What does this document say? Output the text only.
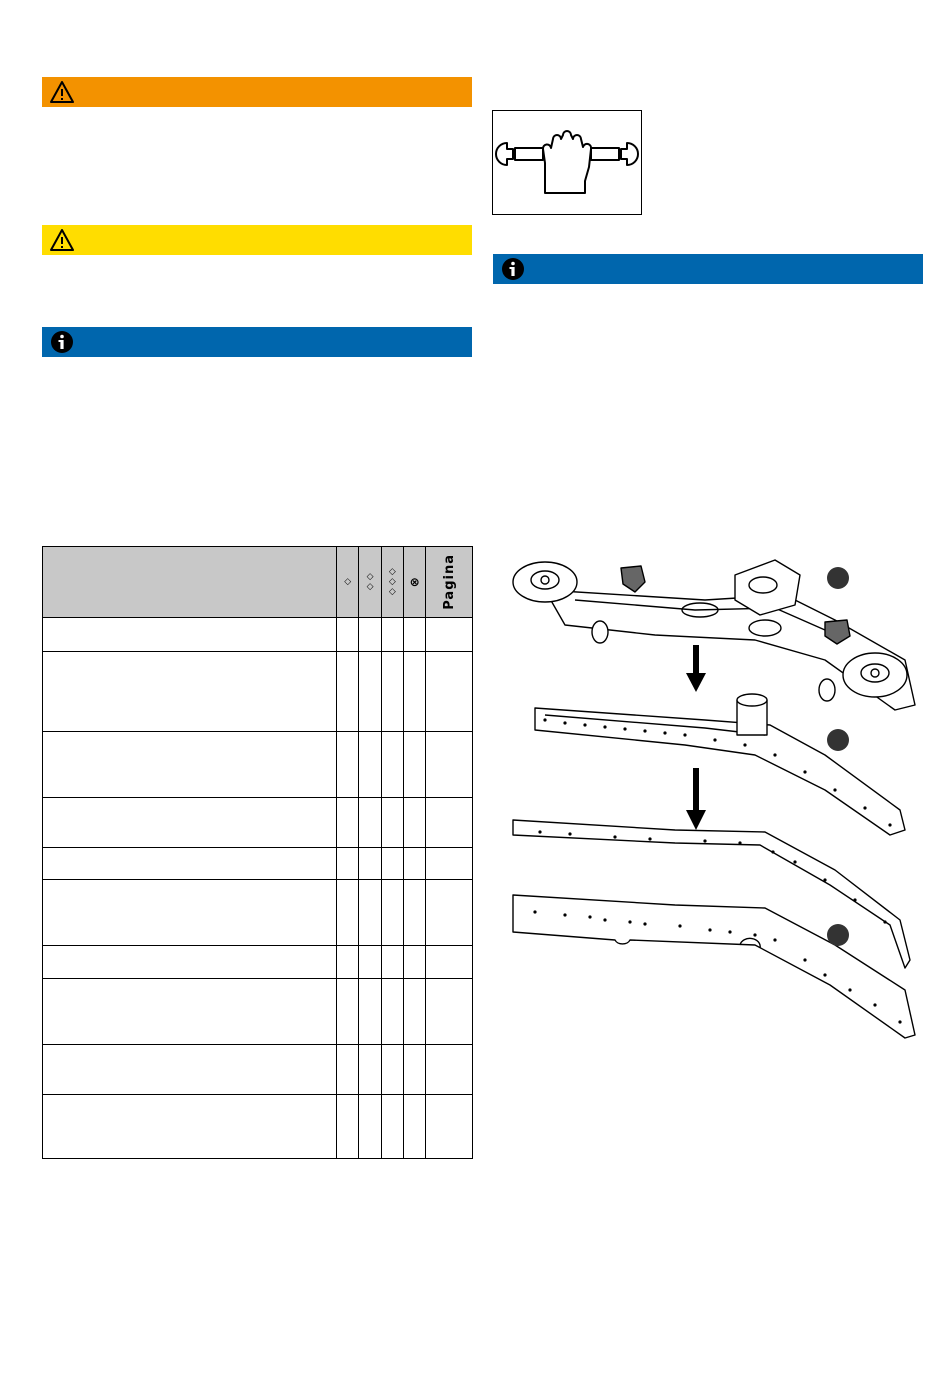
	◇	◇ ◇	◇ ◇ ◇	⊗	Pagina
